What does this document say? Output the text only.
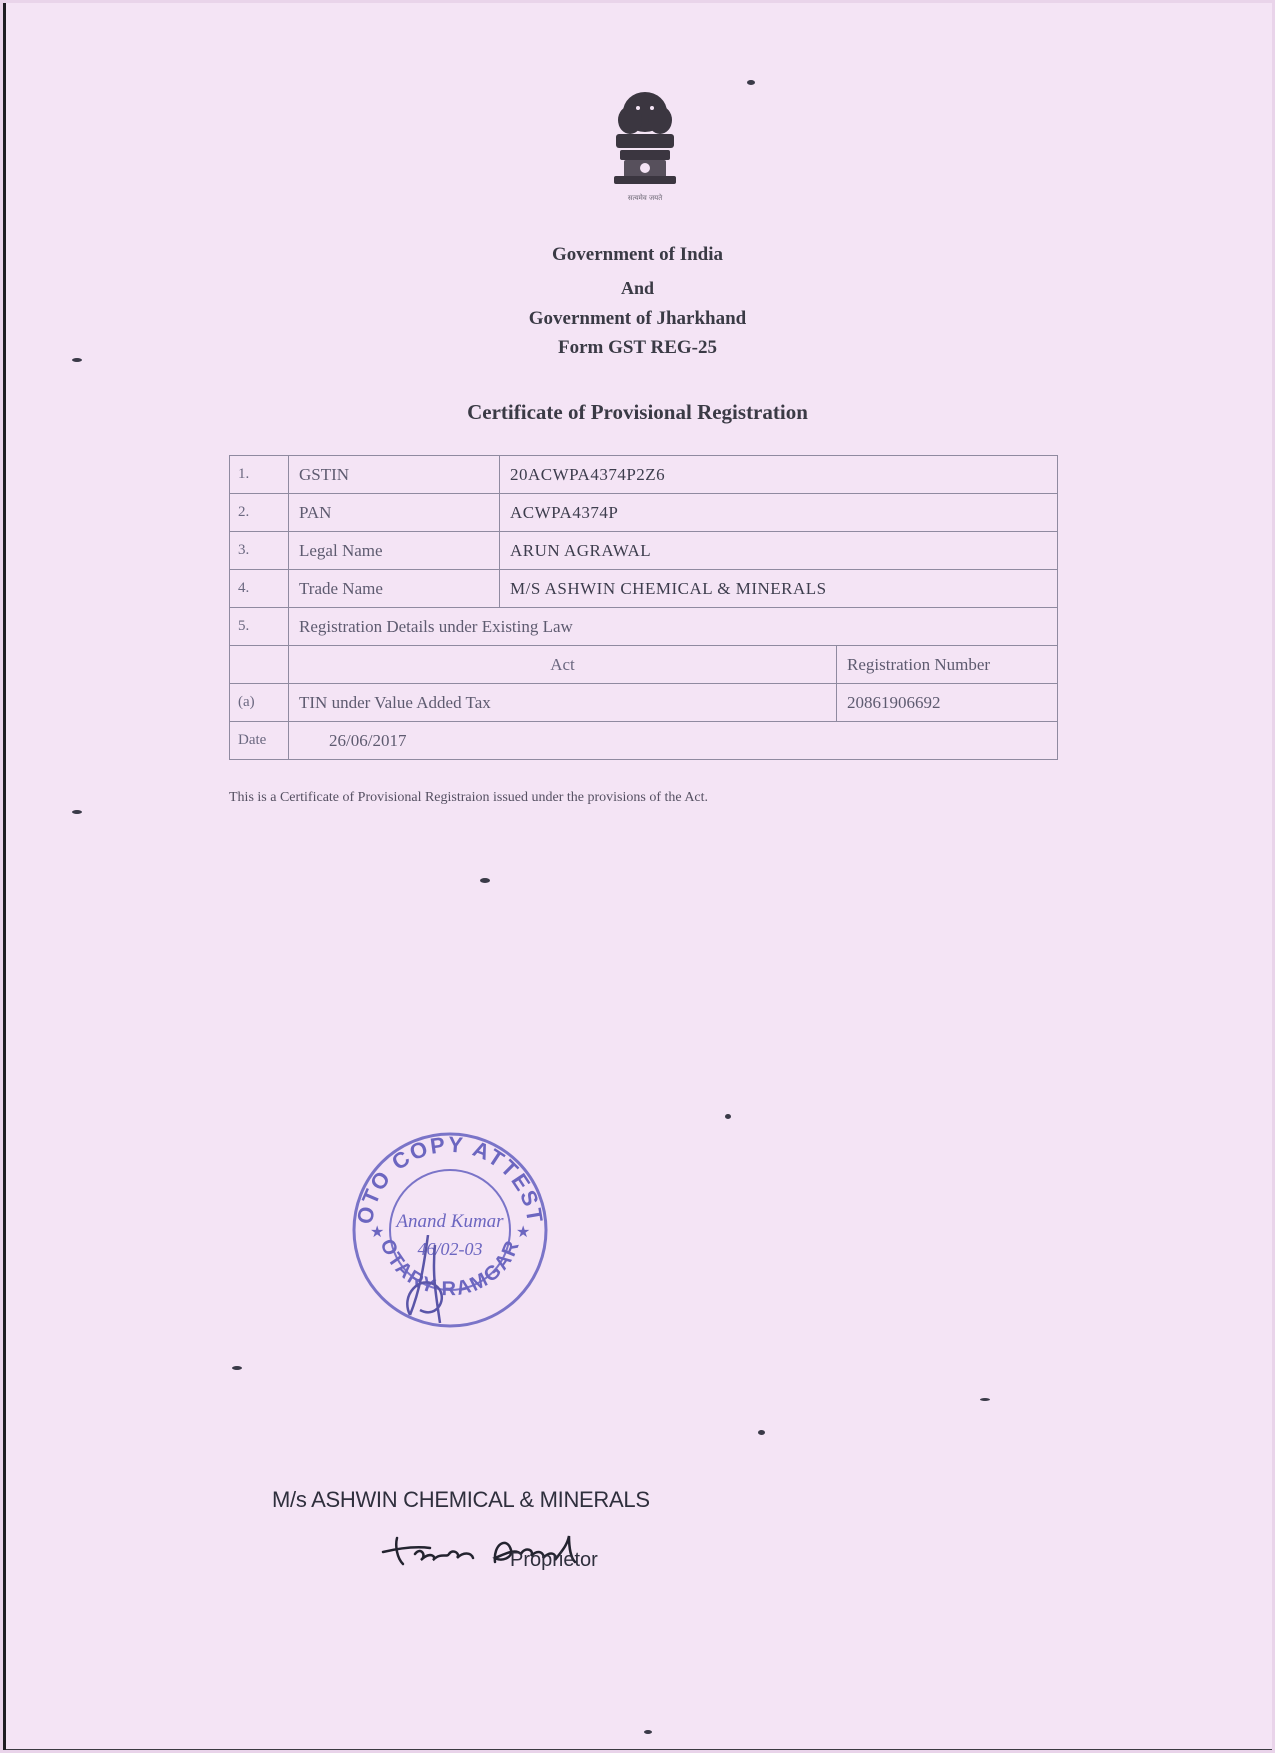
सत्यमेव जयते
Government of India
And
Government of Jharkhand
Form GST REG-25
Certificate of Provisional Registration
1.	GSTIN	20ACWPA4374P2Z6	
2.	PAN	ACWPA4374P	
3.	Legal Name	ARUN AGRAWAL	
4.	Trade Name	M/S ASHWIN CHEMICAL & MINERALS	
5.	Registration Details under Existing Law		
	Act		Registration Number
(a)	TIN under Value Added Tax		20861906692
Date	26/06/2017		
This is a Certificate of Provisional Registraion issued under the provisions of the Act.
OTO COPY ATTEST
OTARY RAMGAR
★	★
Anand Kumar
46/02-03
M/s ASHWIN CHEMICAL & MINERALS
Proprietor
